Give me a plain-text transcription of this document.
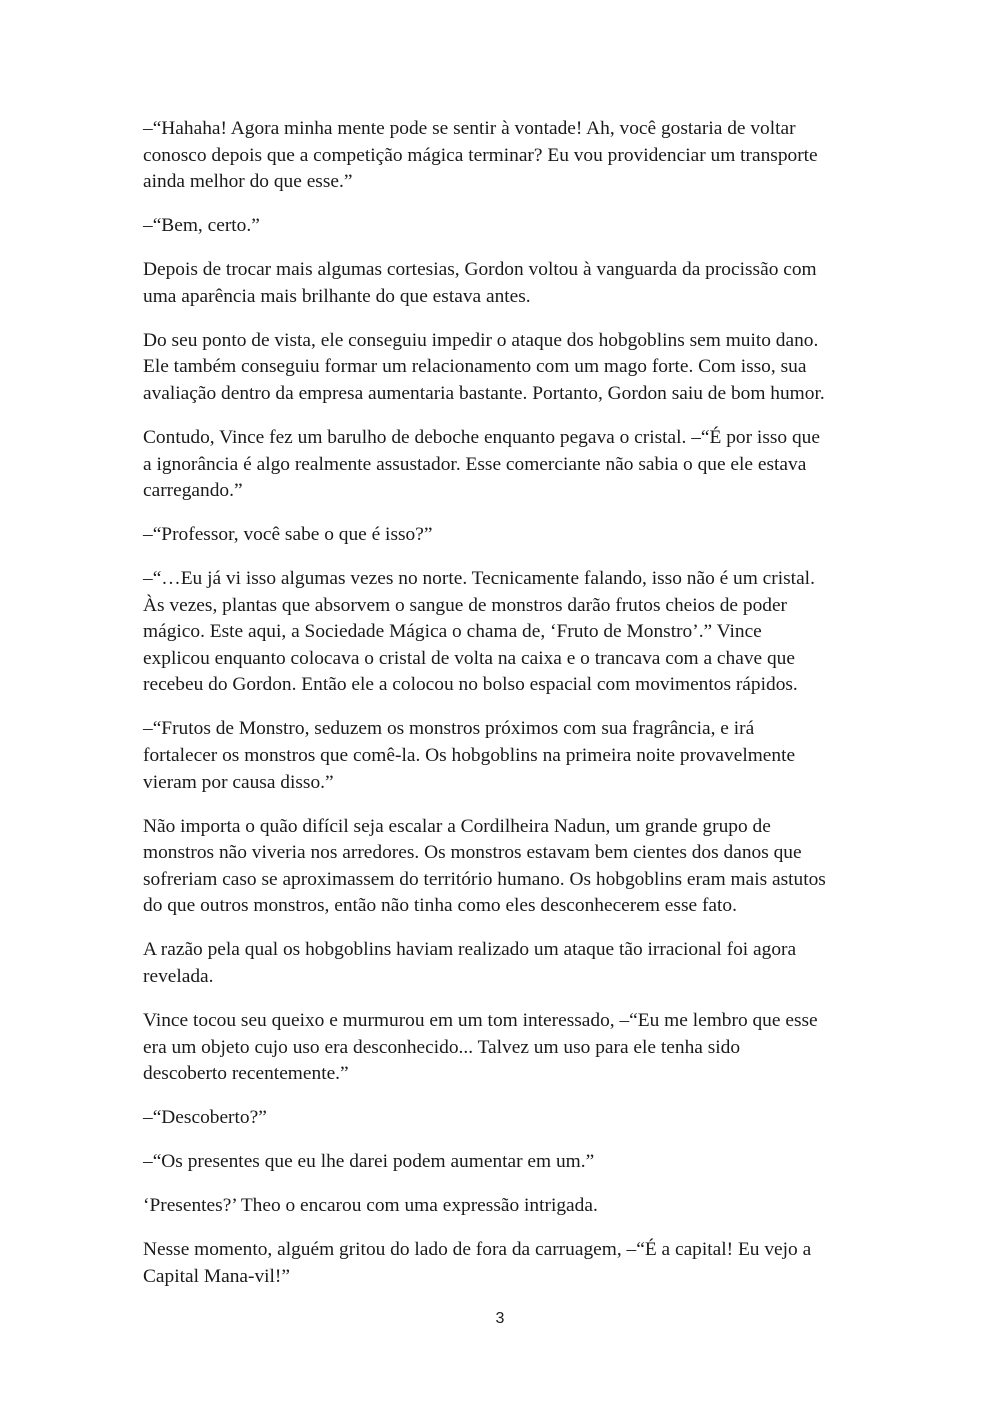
–“Hahaha! Agora minha mente pode se sentir à vontade! Ah, você gostaria de voltar
conosco depois que a competição mágica terminar? Eu vou providenciar um transporte
ainda melhor do que esse.”

–“Bem, certo.”

Depois de trocar mais algumas cortesias, Gordon voltou à vanguarda da procissão com
uma aparência mais brilhante do que estava antes.

Do seu ponto de vista, ele conseguiu impedir o ataque dos hobgoblins sem muito dano.
Ele também conseguiu formar um relacionamento com um mago forte. Com isso, sua
avaliação dentro da empresa aumentaria bastante. Portanto, Gordon saiu de bom humor.

Contudo, Vince fez um barulho de deboche enquanto pegava o cristal. –“É por isso que
a ignorância é algo realmente assustador. Esse comerciante não sabia o que ele estava
carregando.”

–“Professor, você sabe o que é isso?”

–“…Eu já vi isso algumas vezes no norte. Tecnicamente falando, isso não é um cristal.
Às vezes, plantas que absorvem o sangue de monstros darão frutos cheios de poder
mágico. Este aqui, a Sociedade Mágica o chama de, ‘Fruto de Monstro’.” Vince
explicou enquanto colocava o cristal de volta na caixa e o trancava com a chave que
recebeu do Gordon. Então ele a colocou no bolso espacial com movimentos rápidos.

–“Frutos de Monstro, seduzem os monstros próximos com sua fragrância, e irá
fortalecer os monstros que comê-la. Os hobgoblins na primeira noite provavelmente
vieram por causa disso.”

Não importa o quão difícil seja escalar a Cordilheira Nadun, um grande grupo de
monstros não viveria nos arredores. Os monstros estavam bem cientes dos danos que
sofreriam caso se aproximassem do território humano. Os hobgoblins eram mais astutos
do que outros monstros, então não tinha como eles desconhecerem esse fato.

A razão pela qual os hobgoblins haviam realizado um ataque tão irracional foi agora
revelada.

Vince tocou seu queixo e murmurou em um tom interessado, –“Eu me lembro que esse
era um objeto cujo uso era desconhecido... Talvez um uso para ele tenha sido
descoberto recentemente.”

–“Descoberto?”

–“Os presentes que eu lhe darei podem aumentar em um.”

‘Presentes?’ Theo o encarou com uma expressão intrigada.

Nesse momento, alguém gritou do lado de fora da carruagem, –“É a capital! Eu vejo a
Capital Mana-vil!”

3
